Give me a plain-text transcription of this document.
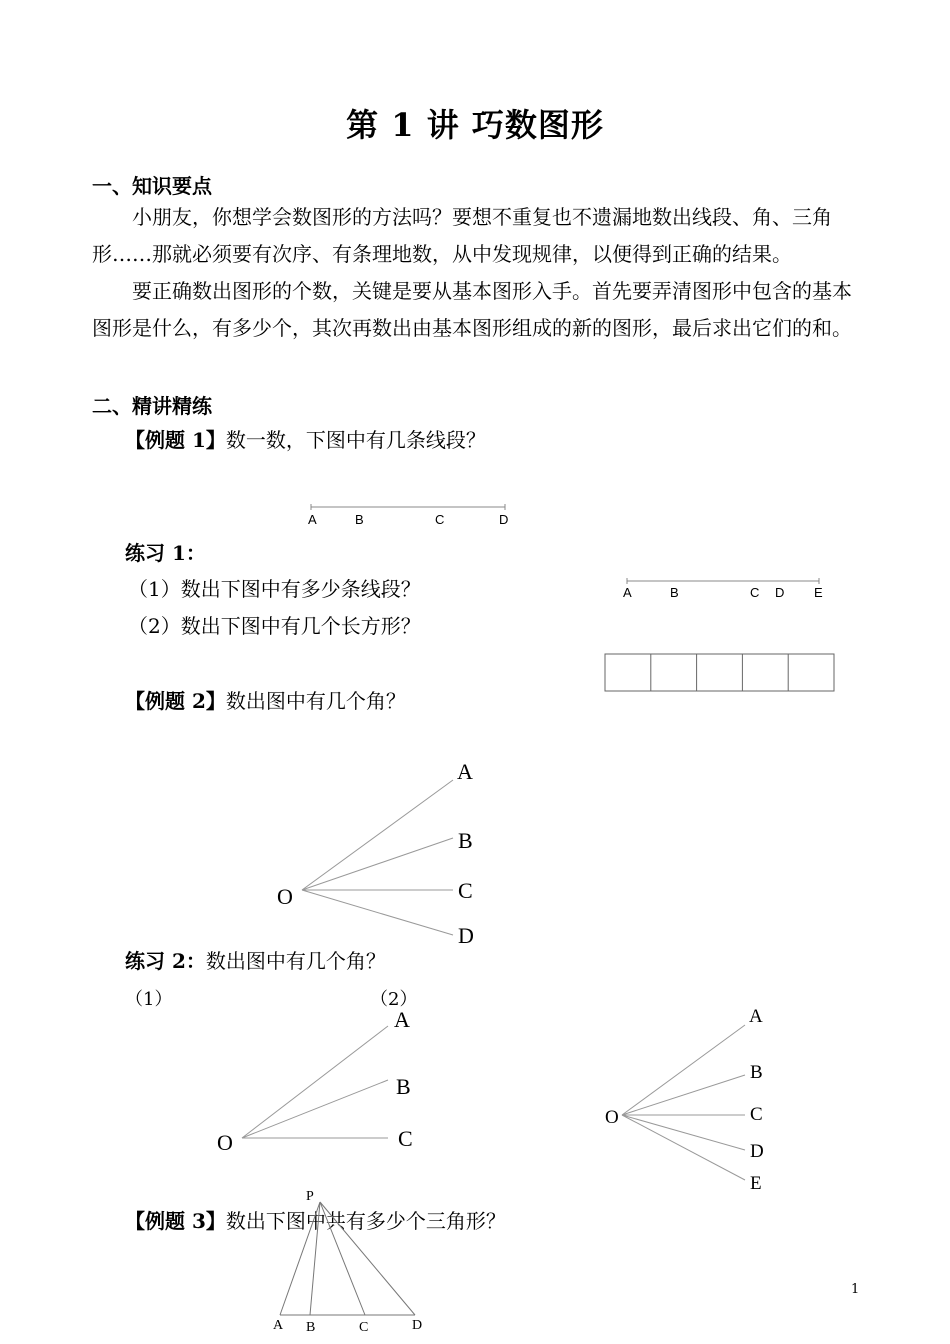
第 1 讲 巧数图形
一、知识要点

小朋友，你想学会数图形的方法吗？要想不重复也不遗漏地数出线段、角、三角形……那就必须要有次序、有条理地数，从中发现规律，以便得到正确的结果。

要正确数出图形的个数，关键是要从基本图形入手。首先要弄清图形中包含的基本图形是什么，有多少个，其次再数出由基本图形组成的新的图形，最后求出它们的和。

二、精讲精练
【例题 1】数一数，下图中有几条线段？
A	B	C	D
练习 1：
（1）数出下图中有多少条线段？
（2）数出下图中有几个长方形？
A	B	C D E
【例题 2】数出图中有几个角？
O
A
B
C
D
练习 2：数出图中有几个角？
（1）	（2）
O
A
B
C
O
A
B
C
D
E
【例题 3】数出下图中共有多少个三角形？
P
A B	C	D
1
